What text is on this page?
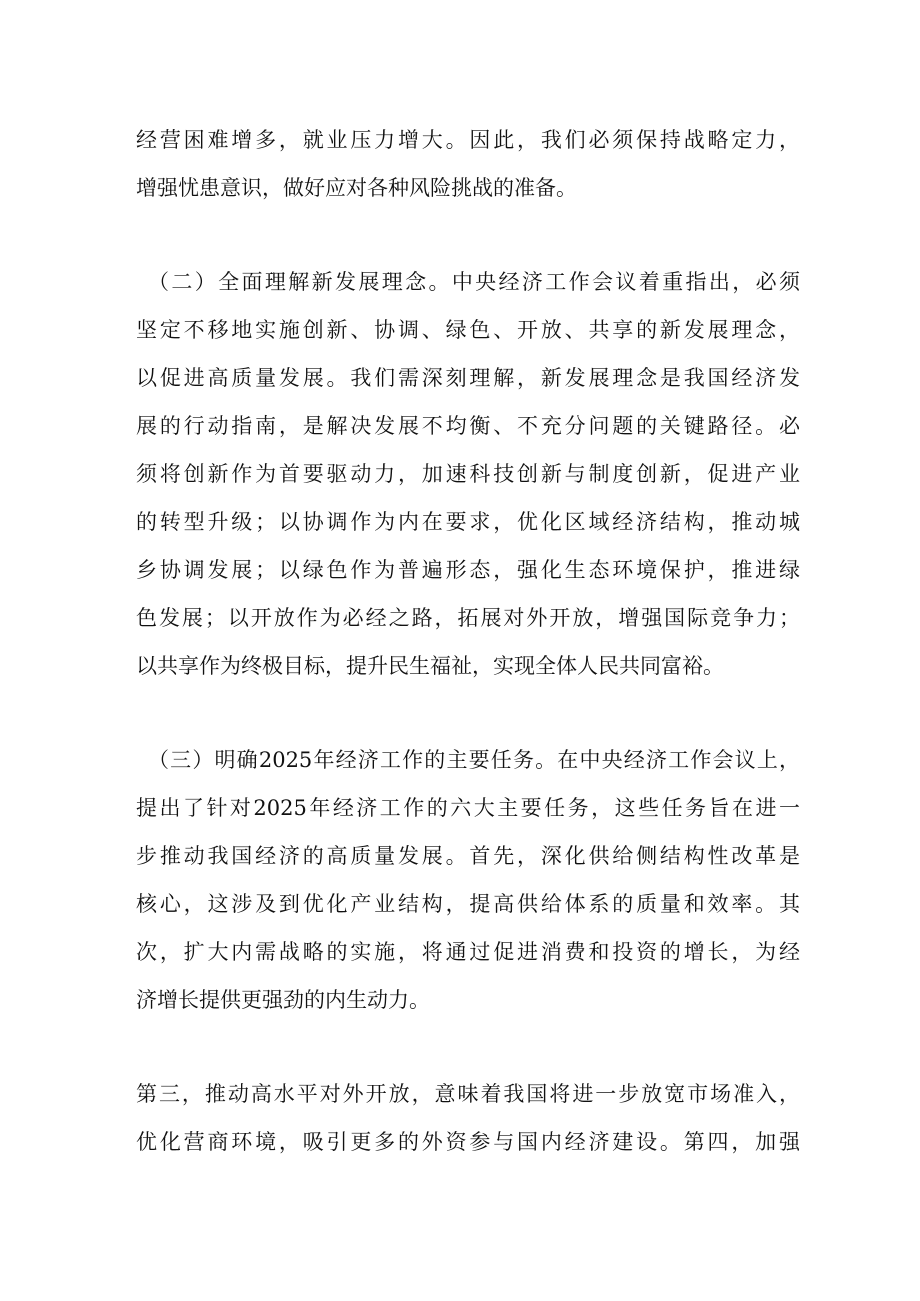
经营困难增多，就业压力增大。因此，我们必须保持战略定力，
增强忧患意识，做好应对各种风险挑战的准备。
（二）全面理解新发展理念。中央经济工作会议着重指出，必须
坚定不移地实施创新、协调、绿色、开放、共享的新发展理念，
以促进高质量发展。我们需深刻理解，新发展理念是我国经济发
展的行动指南，是解决发展不均衡、不充分问题的关键路径。必
须将创新作为首要驱动力，加速科技创新与制度创新，促进产业
的转型升级；以协调作为内在要求，优化区域经济结构，推动城
乡协调发展；以绿色作为普遍形态，强化生态环境保护，推进绿
色发展；以开放作为必经之路，拓展对外开放，增强国际竞争力；
以共享作为终极目标，提升民生福祉，实现全体人民共同富裕。
（三）明确2025年经济工作的主要任务。在中央经济工作会议上，
提出了针对2025年经济工作的六大主要任务，这些任务旨在进一
步推动我国经济的高质量发展。首先，深化供给侧结构性改革是
核心，这涉及到优化产业结构，提高供给体系的质量和效率。其
次，扩大内需战略的实施，将通过促进消费和投资的增长，为经
济增长提供更强劲的内生动力。
第三，推动高水平对外开放，意味着我国将进一步放宽市场准入，
优化营商环境，吸引更多的外资参与国内经济建设。第四，加强
